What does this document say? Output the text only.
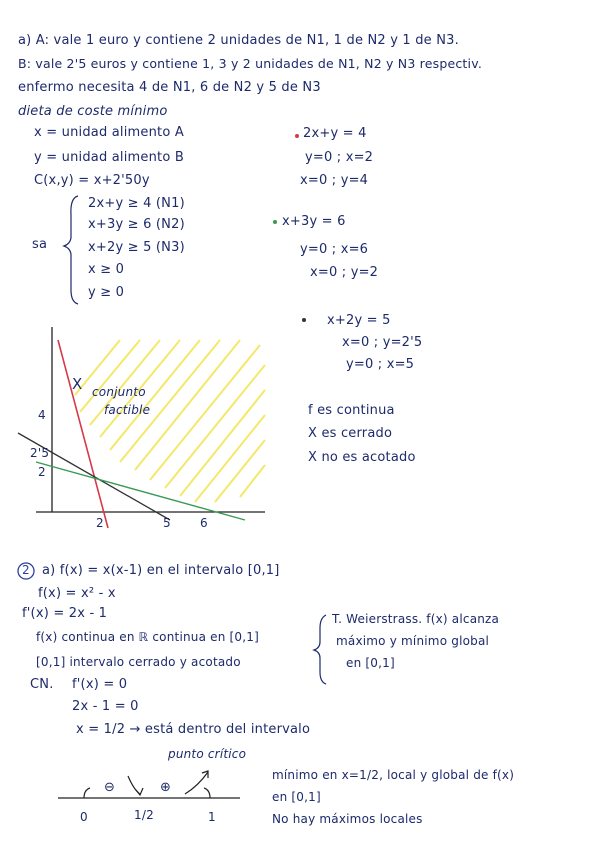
a) A: vale 1 euro y contiene 2 unidades de N1, 1 de N2 y 1 de N3.
B: vale 2'5 euros y contiene 1, 3 y 2 unidades de N1, N2 y N3 respectiv.
enfermo necesita 4 de N1, 6 de N2 y 5 de N3
dieta de coste mínimo
x = unidad alimento A
y = unidad alimento B
C(x,y) = x+2'50y
sa
2x+y ≥ 4 (N1)
x+3y ≥ 6 (N2)
x+2y ≥ 5 (N3)
x ≥ 0
y ≥ 0
2x+y = 4
y=0 ; x=2
x=0 ; y=4
x+3y = 6
y=0 ; x=6
x=0 ; y=2
x+2y = 5
x=0 ; y=2'5
y=0 ; x=5
f es continua
X es cerrado
X no es acotado
X conjunto
factible
4
2'5
2
2	5 6
2 a) f(x) = x(x-1) en el intervalo [0,1]
f(x) = x² - x
f'(x) = 2x - 1
f(x) continua en ℝ continua en [0,1]
[0,1] intervalo cerrado y acotado
T. Weierstrass. f(x) alcanza
máximo y mínimo global
en [0,1]
CN. f'(x) = 0
2x - 1 = 0
x = 1/2 → está dentro del intervalo
punto crítico
⊖	⊕
0	1/2	1
mínimo en x=1/2, local y global de f(x)
en [0,1]
No hay máximos locales
